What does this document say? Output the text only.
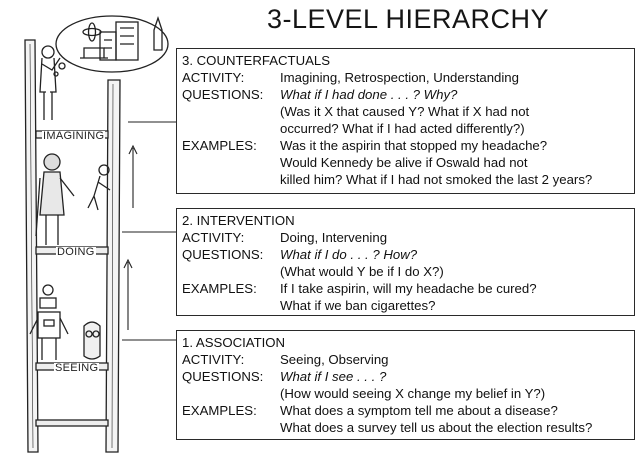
3-LEVEL HIERARCHY
IMAGINING
DOING
SEEING
3. COUNTERFACTUALS
ACTIVITY:	Imagining, Retrospection, Understanding
QUESTIONS: What if I had done . . . ? Why?
(Was it X that caused Y? What if X had not
occurred? What if I had acted differently?)
EXAMPLES: Was it the aspirin that stopped my headache?
Would Kennedy be alive if Oswald had not
killed him? What if I had not smoked the last 2 years?
2. INTERVENTION
ACTIVITY:	Doing, Intervening
QUESTIONS: What if I do . . . ? How?
(What would Y be if I do X?)
EXAMPLES: If I take aspirin, will my headache be cured?
What if we ban cigarettes?
1. ASSOCIATION
ACTIVITY:	Seeing, Observing
QUESTIONS: What if I see . . . ?
(How would seeing X change my belief in Y?)
EXAMPLES: What does a symptom tell me about a disease?
What does a survey tell us about the election results?
